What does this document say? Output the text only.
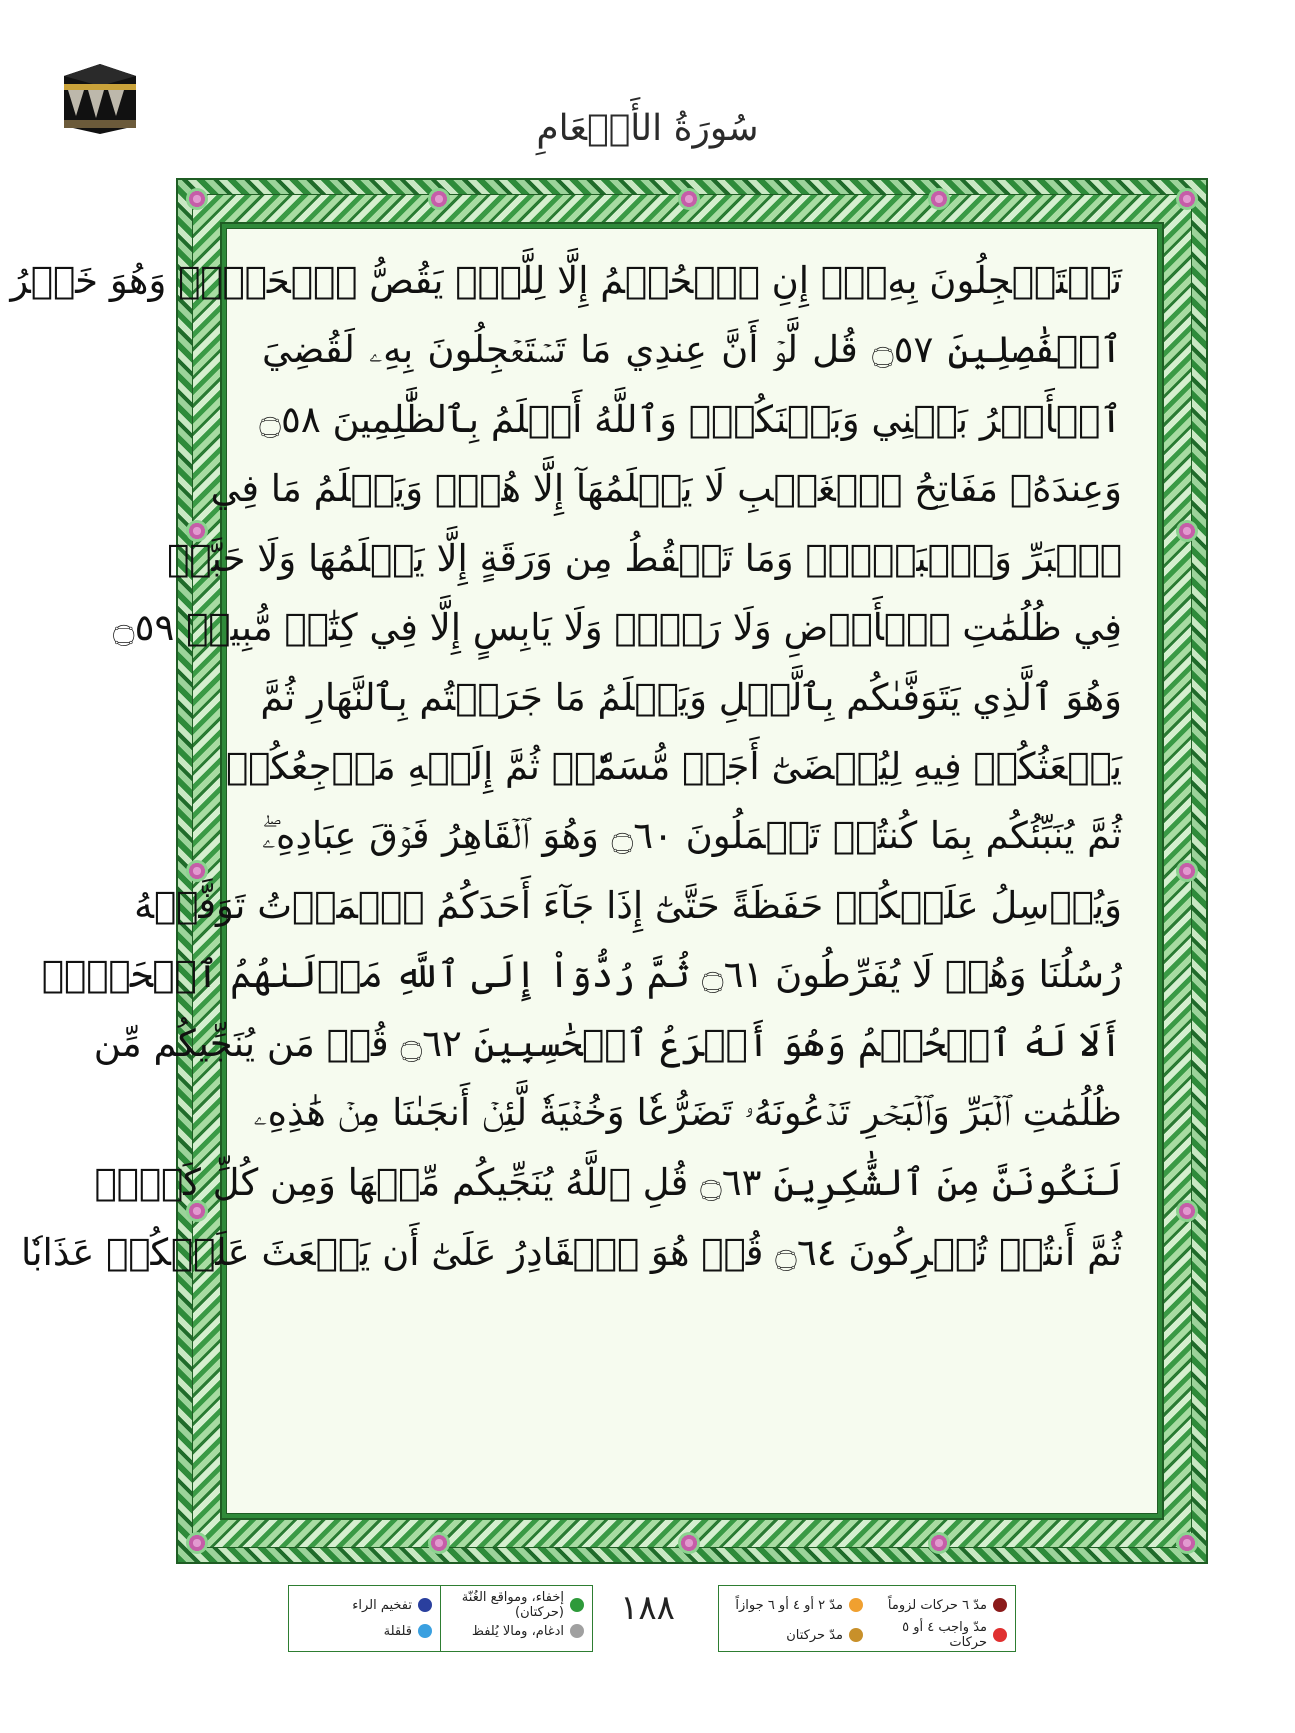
سُورَةُ الأَنۡعَامِ
تَسۡتَعۡجِلُونَ بِهِۦٓۚ إِنِ ٱلۡحُكۡمُ إِلَّا لِلَّهِۖ يَقُصُّ ٱلۡحَقَّۖ وَهُوَ خَيۡرُ
ٱلۡفَٰصِلِينَ ۝٥٧ قُل لَّوۡ أَنَّ عِندِي مَا تَسۡتَعۡجِلُونَ بِهِۦ لَقُضِيَ
ٱلۡأَمۡرُ بَيۡنِي وَبَيۡنَكُمۡۗ وَٱللَّهُ أَعۡلَمُ بِٱلظَّٰلِمِينَ ۝٥٨
وَعِندَهُۥ مَفَاتِحُ ٱلۡغَيۡبِ لَا يَعۡلَمُهَآ إِلَّا هُوَۚ وَيَعۡلَمُ مَا فِي
ٱلۡبَرِّ وَٱلۡبَحۡرِۚ وَمَا تَسۡقُطُ مِن وَرَقَةٍ إِلَّا يَعۡلَمُهَا وَلَا حَبَّةٖ
فِي ظُلُمَٰتِ ٱلۡأَرۡضِ وَلَا رَطۡبٖ وَلَا يَابِسٍ إِلَّا فِي كِتَٰبٖ مُّبِينٖ ۝٥٩
وَهُوَ ٱلَّذِي يَتَوَفَّىٰكُم بِٱلَّيۡلِ وَيَعۡلَمُ مَا جَرَحۡتُم بِٱلنَّهَارِ ثُمَّ
يَبۡعَثُكُمۡ فِيهِ لِيُقۡضَىٰٓ أَجَلٞ مُّسَمّٗىۖ ثُمَّ إِلَيۡهِ مَرۡجِعُكُمۡ
ثُمَّ يُنَبِّئُكُم بِمَا كُنتُمۡ تَعۡمَلُونَ ۝٦٠ وَهُوَ ٱلۡقَاهِرُ فَوۡقَ عِبَادِهِۦۖ
وَيُرۡسِلُ عَلَيۡكُمۡ حَفَظَةً حَتَّىٰٓ إِذَا جَآءَ أَحَدَكُمُ ٱلۡمَوۡتُ تَوَفَّتۡهُ
رُسُلُنَا وَهُمۡ لَا يُفَرِّطُونَ ۝٦١ ثُمَّ رُدُّوٓاْ إِلَى ٱللَّهِ مَوۡلَىٰهُمُ ٱلۡحَقِّۚ
أَلَا لَهُ ٱلۡحُكۡمُ وَهُوَ أَسۡرَعُ ٱلۡحَٰسِبِينَ ۝٦٢ قُلۡ مَن يُنَجِّيكُم مِّن
ظُلُمَٰتِ ٱلۡبَرِّ وَٱلۡبَحۡرِ تَدۡعُونَهُۥ تَضَرُّعٗا وَخُفۡيَةٗ لَّئِنۡ أَنجَىٰنَا مِنۡ هَٰذِهِۦ
لَنَكُونَنَّ مِنَ ٱلشَّٰكِرِينَ ۝٦٣ قُلِ ٱللَّهُ يُنَجِّيكُم مِّنۡهَا وَمِن كُلِّ كَرۡبٖ
ثُمَّ أَنتُمۡ تُشۡرِكُونَ ۝٦٤ قُلۡ هُوَ ٱلۡقَادِرُ عَلَىٰٓ أَن يَبۡعَثَ عَلَيۡكُمۡ عَذَابٗا
إخفاء، ومواقع الغُنّة (حركتان)
ادغام، ومالا يُلفظ
تفخيم الراء
قلقلة
١٨٨	مدّ ٦ حركات لزوماً
مدّ ٢ أو ٤ أو ٦ جوازاً
مدّ واجب ٤ أو ٥ حركات
مدّ حركتان
